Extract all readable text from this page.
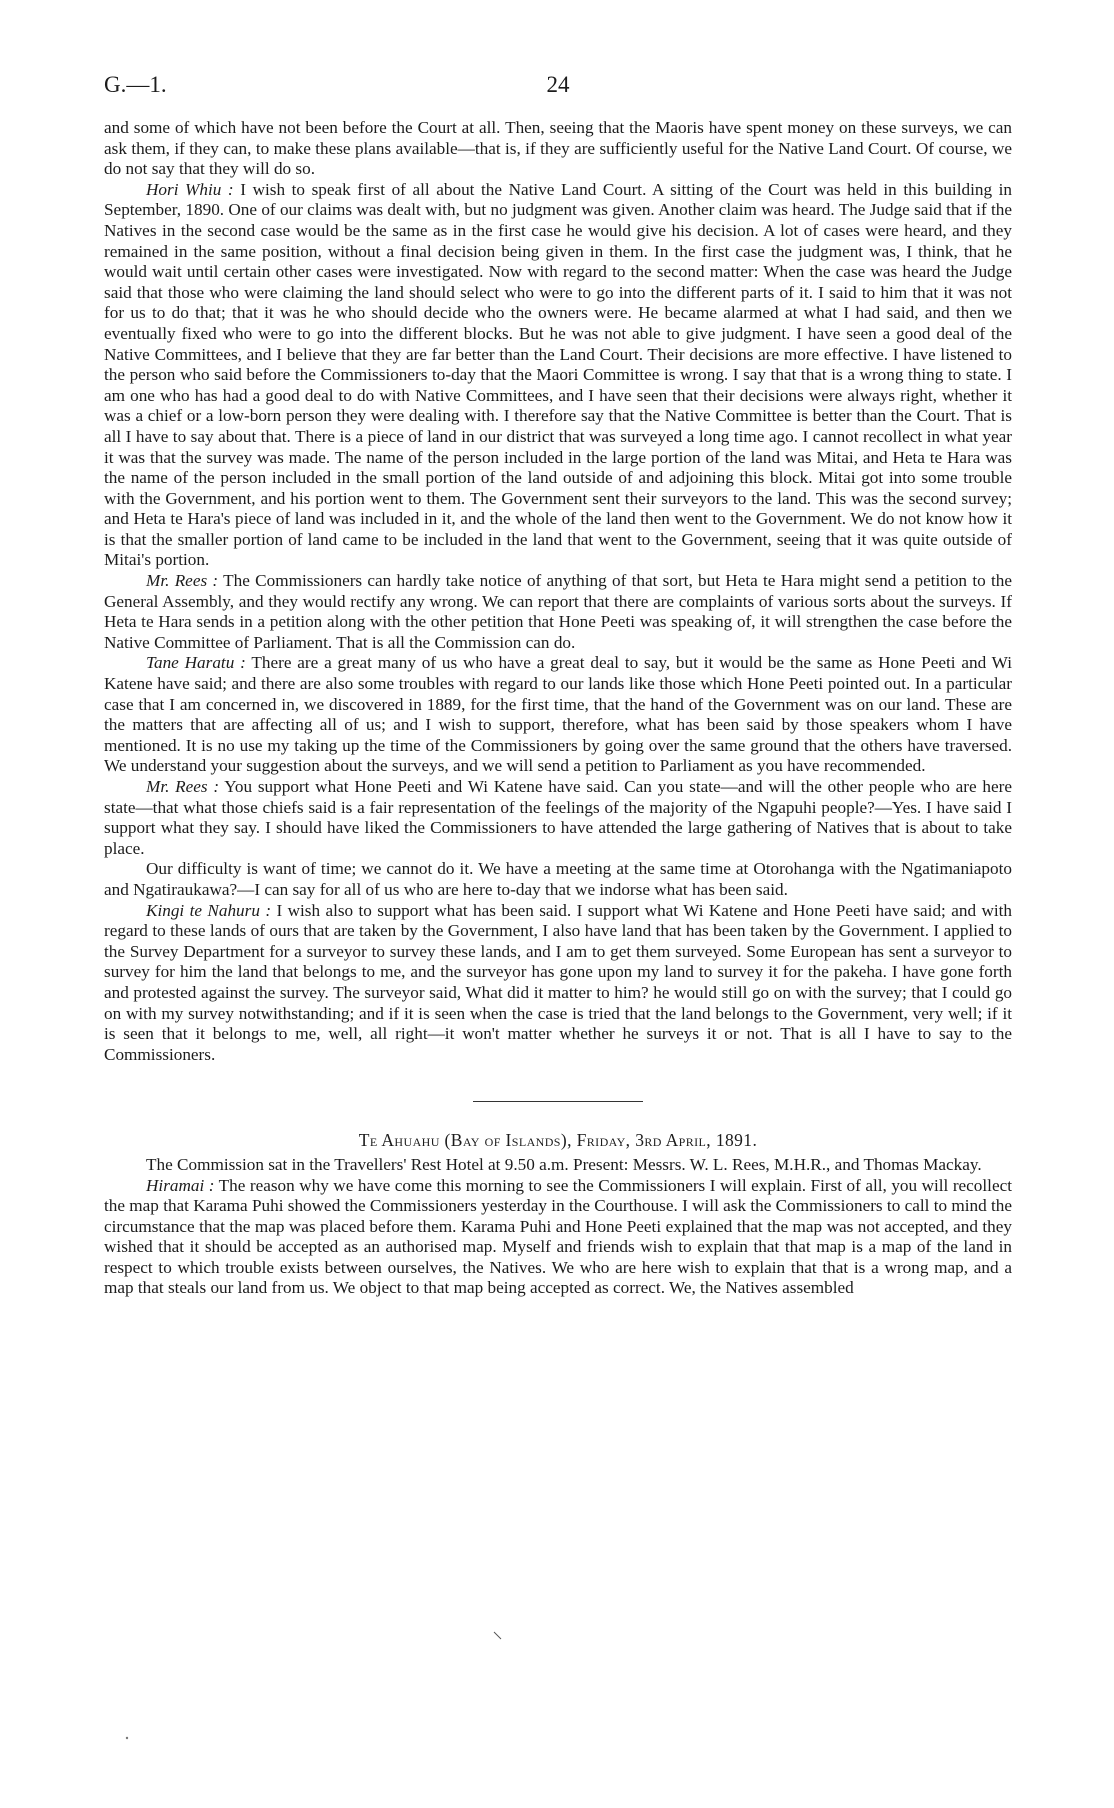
G.—1.	24

and some of which have not been before the Court at all. Then, seeing that the Maoris have spent money on these surveys, we can ask them, if they can, to make these plans available—that is, if they are sufficiently useful for the Native Land Court. Of course, we do not say that they will do so.

Hori Whiu : I wish to speak first of all about the Native Land Court. A sitting of the Court was held in this building in September, 1890. One of our claims was dealt with, but no judgment was given. Another claim was heard. The Judge said that if the Natives in the second case would be the same as in the first case he would give his decision. A lot of cases were heard, and they remained in the same position, without a final decision being given in them. In the first case the judgment was, I think, that he would wait until certain other cases were investigated. Now with regard to the second matter: When the case was heard the Judge said that those who were claiming the land should select who were to go into the different parts of it. I said to him that it was not for us to do that; that it was he who should decide who the owners were. He became alarmed at what I had said, and then we eventually fixed who were to go into the different blocks. But he was not able to give judgment. I have seen a good deal of the Native Committees, and I believe that they are far better than the Land Court. Their decisions are more effective. I have listened to the person who said before the Commissioners to-day that the Maori Committee is wrong. I say that that is a wrong thing to state. I am one who has had a good deal to do with Native Committees, and I have seen that their decisions were always right, whether it was a chief or a low-born person they were dealing with. I therefore say that the Native Committee is better than the Court. That is all I have to say about that. There is a piece of land in our district that was surveyed a long time ago. I cannot recollect in what year it was that the survey was made. The name of the person included in the large portion of the land was Mitai, and Heta te Hara was the name of the person included in the small portion of the land outside of and adjoining this block. Mitai got into some trouble with the Government, and his portion went to them. The Government sent their surveyors to the land. This was the second survey; and Heta te Hara's piece of land was included in it, and the whole of the land then went to the Government. We do not know how it is that the smaller portion of land came to be included in the land that went to the Government, seeing that it was quite outside of Mitai's portion.

Mr. Rees : The Commissioners can hardly take notice of anything of that sort, but Heta te Hara might send a petition to the General Assembly, and they would rectify any wrong. We can report that there are complaints of various sorts about the surveys. If Heta te Hara sends in a petition along with the other petition that Hone Peeti was speaking of, it will strengthen the case before the Native Committee of Parliament. That is all the Commission can do.

Tane Haratu : There are a great many of us who have a great deal to say, but it would be the same as Hone Peeti and Wi Katene have said; and there are also some troubles with regard to our lands like those which Hone Peeti pointed out. In a particular case that I am concerned in, we discovered in 1889, for the first time, that the hand of the Government was on our land. These are the matters that are affecting all of us; and I wish to support, therefore, what has been said by those speakers whom I have mentioned. It is no use my taking up the time of the Commissioners by going over the same ground that the others have traversed. We understand your suggestion about the surveys, and we will send a petition to Parliament as you have recommended.

Mr. Rees : You support what Hone Peeti and Wi Katene have said. Can you state—and will the other people who are here state—that what those chiefs said is a fair representation of the feelings of the majority of the Ngapuhi people?—Yes. I have said I support what they say. I should have liked the Commissioners to have attended the large gathering of Natives that is about to take place.

Our difficulty is want of time; we cannot do it. We have a meeting at the same time at Otorohanga with the Ngatimaniapoto and Ngatiraukawa?—I can say for all of us who are here to-day that we indorse what has been said.

Kingi te Nahuru : I wish also to support what has been said. I support what Wi Katene and Hone Peeti have said; and with regard to these lands of ours that are taken by the Government, I also have land that has been taken by the Government. I applied to the Survey Department for a surveyor to survey these lands, and I am to get them surveyed. Some European has sent a surveyor to survey for him the land that belongs to me, and the surveyor has gone upon my land to survey it for the pakeha. I have gone forth and protested against the survey. The surveyor said, What did it matter to him? he would still go on with the survey; that I could go on with my survey notwithstanding; and if it is seen when the case is tried that the land belongs to the Government, very well; if it is seen that it belongs to me, well, all right—it won't matter whether he surveys it or not. That is all I have to say to the Commissioners.

Te Ahuahu (Bay of Islands), Friday, 3rd April, 1891.

The Commission sat in the Travellers' Rest Hotel at 9.50 a.m. Present: Messrs. W. L. Rees, M.H.R., and Thomas Mackay.

Hiramai : The reason why we have come this morning to see the Commissioners I will explain. First of all, you will recollect the map that Karama Puhi showed the Commissioners yesterday in the Courthouse. I will ask the Commissioners to call to mind the circumstance that the map was placed before them. Karama Puhi and Hone Peeti explained that the map was not accepted, and they wished that it should be accepted as an authorised map. Myself and friends wish to explain that that map is a map of the land in respect to which trouble exists between ourselves, the Natives. We who are here wish to explain that that is a wrong map, and a map that steals our land from us. We object to that map being accepted as correct. We, the Natives assembled
